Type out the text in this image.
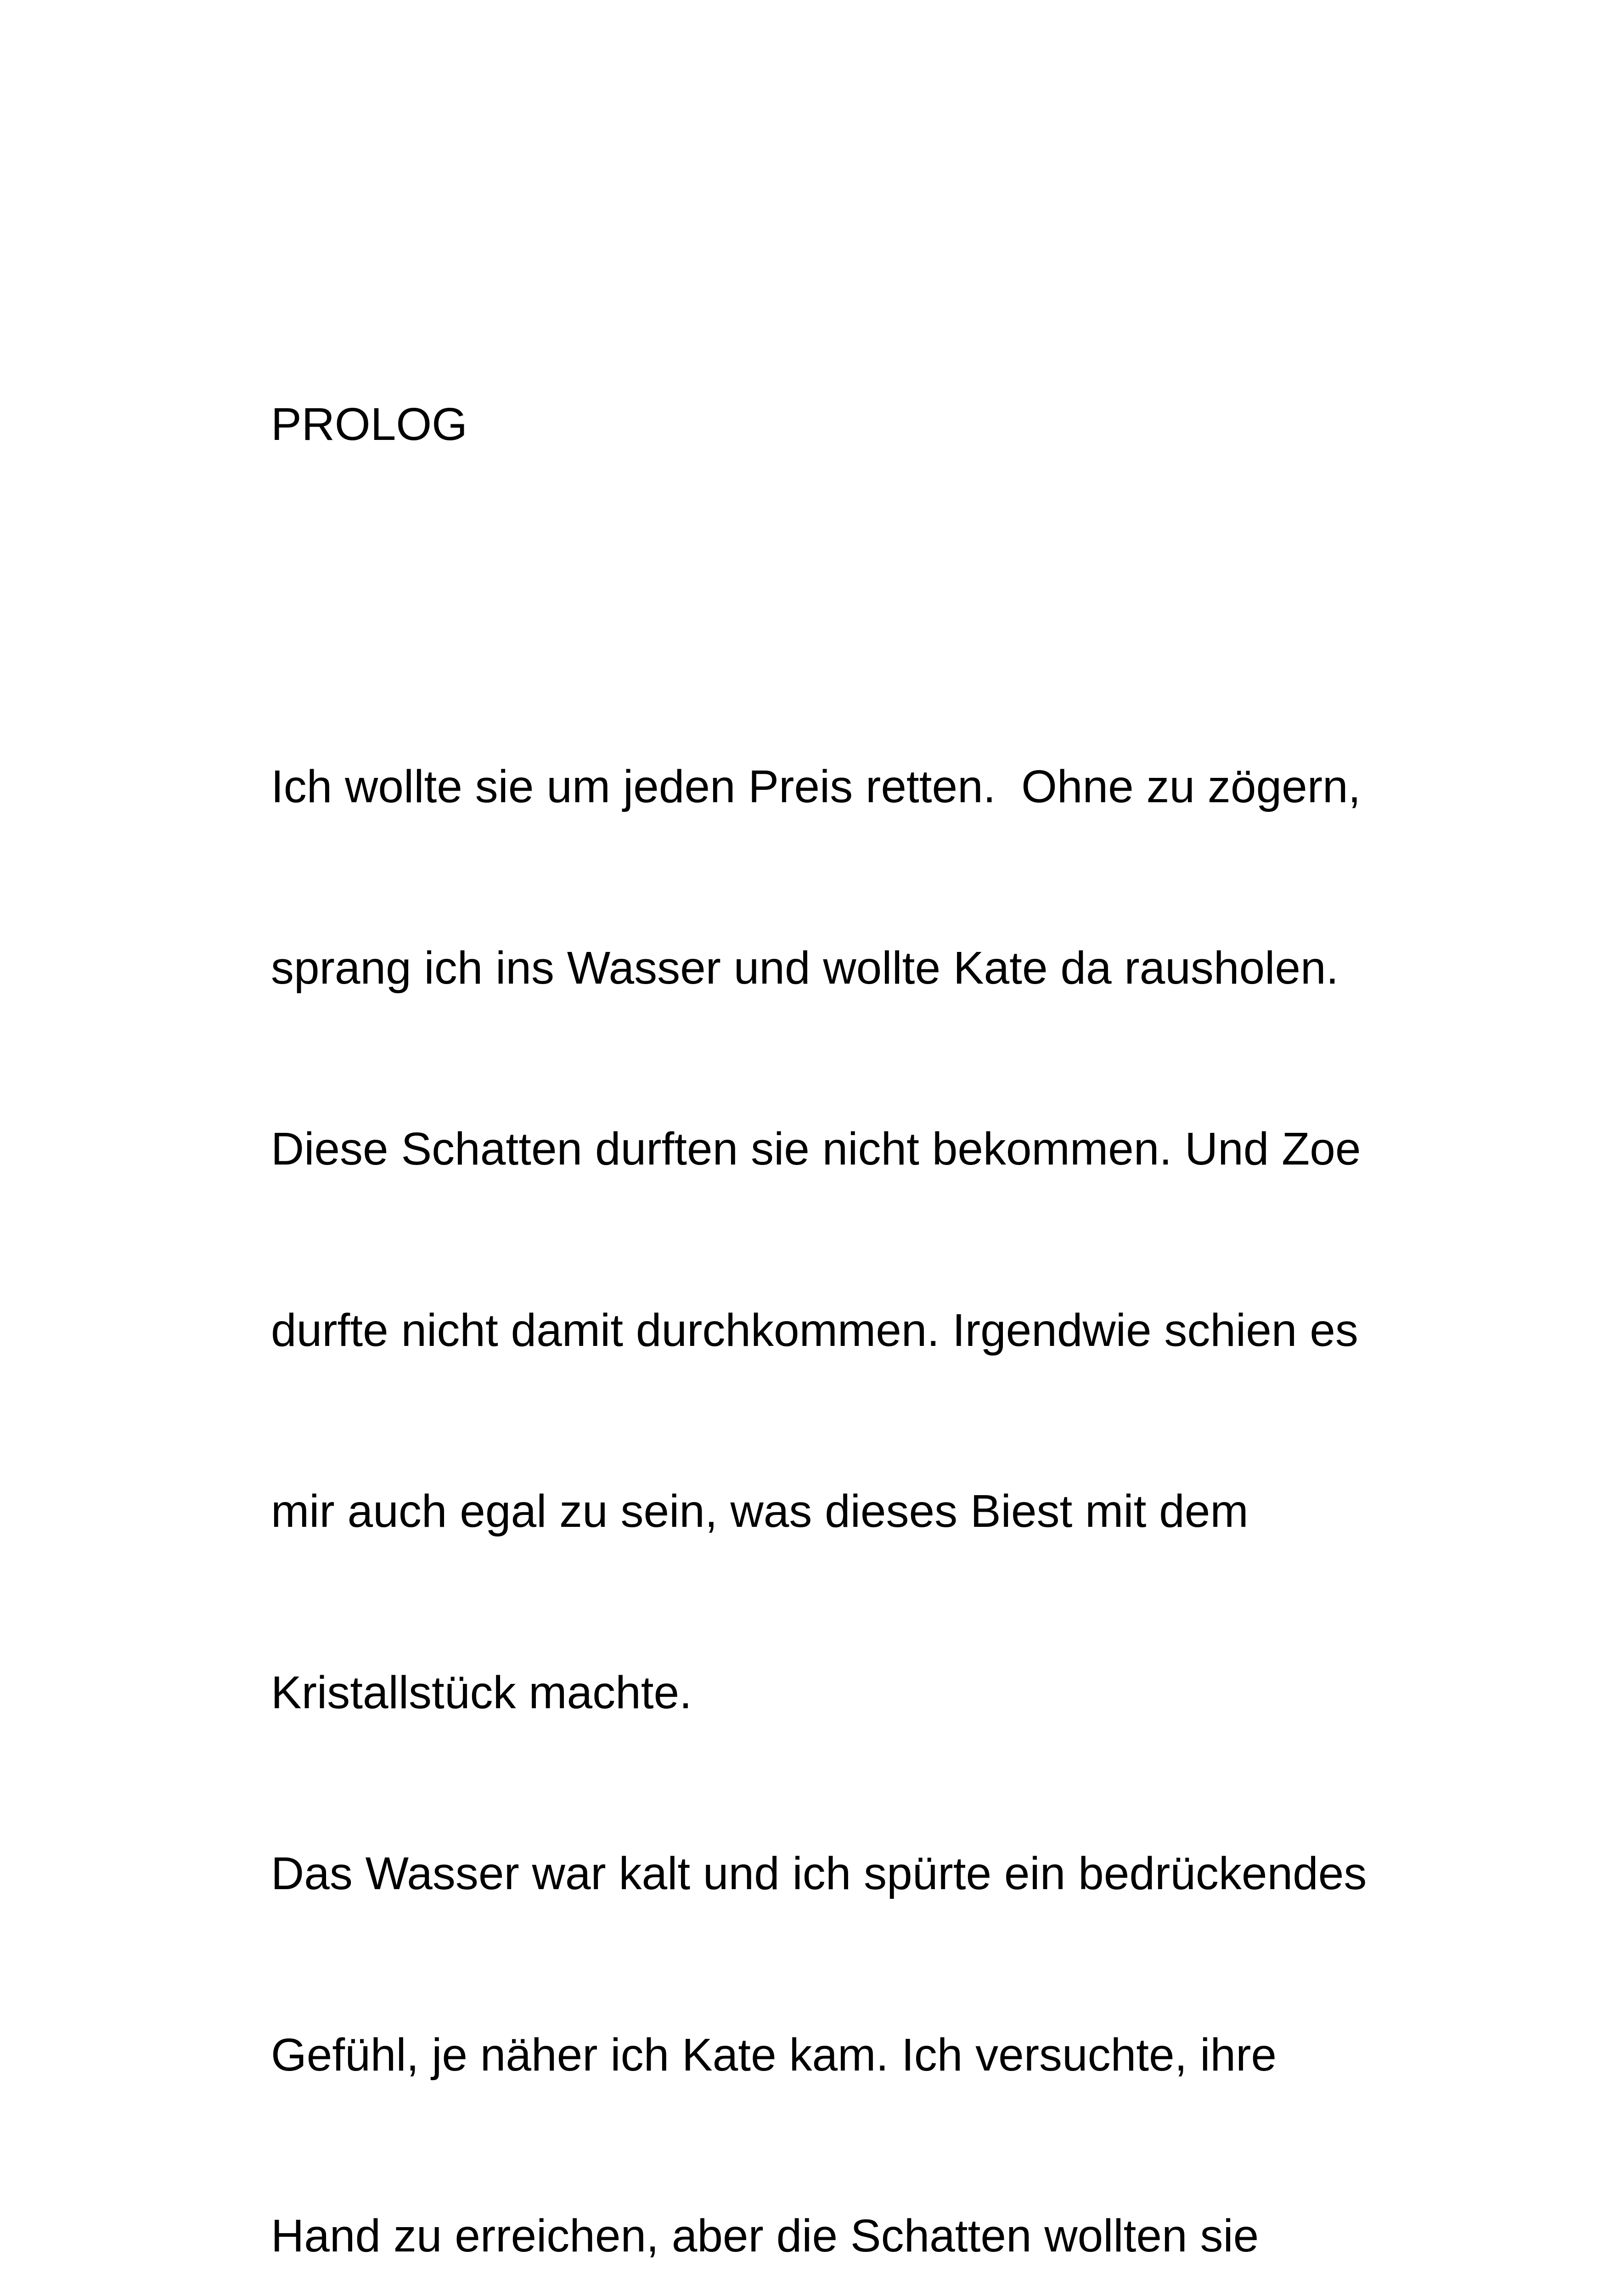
PROLOG

Ich wollte sie um jeden Preis retten.  Ohne zu zögern,

sprang ich ins Wasser und wollte Kate da rausholen.

Diese Schatten durften sie nicht bekommen. Und Zoe

durfte nicht damit durchkommen. Irgendwie schien es

mir auch egal zu sein, was dieses Biest mit dem

Kristallstück machte.

Das Wasser war kalt und ich spürte ein bedrückendes

Gefühl, je näher ich Kate kam. Ich versuchte, ihre

Hand zu erreichen, aber die Schatten wollten sie
